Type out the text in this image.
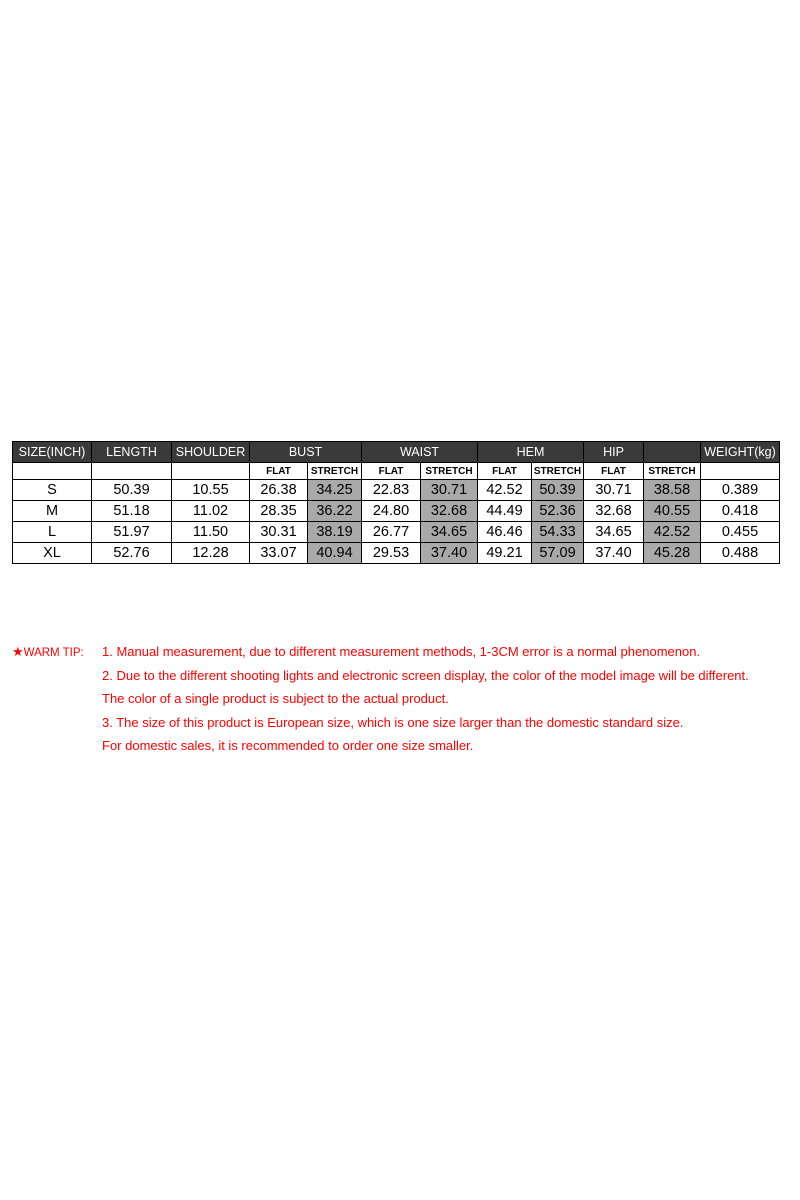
SIZE(INCH)	LENGTH	SHOULDER	BUST		WAIST		HEM		HIP		WEIGHT(kg)
			FLAT	STRETCH	FLAT	STRETCH	FLAT	STRETCH	FLAT	STRETCH	
S	50.39	10.55	26.38	34.25	22.83	30.71	42.52	50.39	30.71	38.58	0.389
M	51.18	11.02	28.35	36.22	24.80	32.68	44.49	52.36	32.68	40.55	0.418
L	51.97	11.50	30.31	38.19	26.77	34.65	46.46	54.33	34.65	42.52	0.455
XL	52.76	12.28	33.07	40.94	29.53	37.40	49.21	57.09	37.40	45.28	0.488
★WARM TIP: 1. Manual measurement, due to different measurement methods, 1-3CM error is a normal phenomenon.
2. Due to the different shooting lights and electronic screen display, the color of the model image will be different.
The color of a single product is subject to the actual product.
3. The size of this product is European size, which is one size larger than the domestic standard size.
For domestic sales, it is recommended to order one size smaller.
